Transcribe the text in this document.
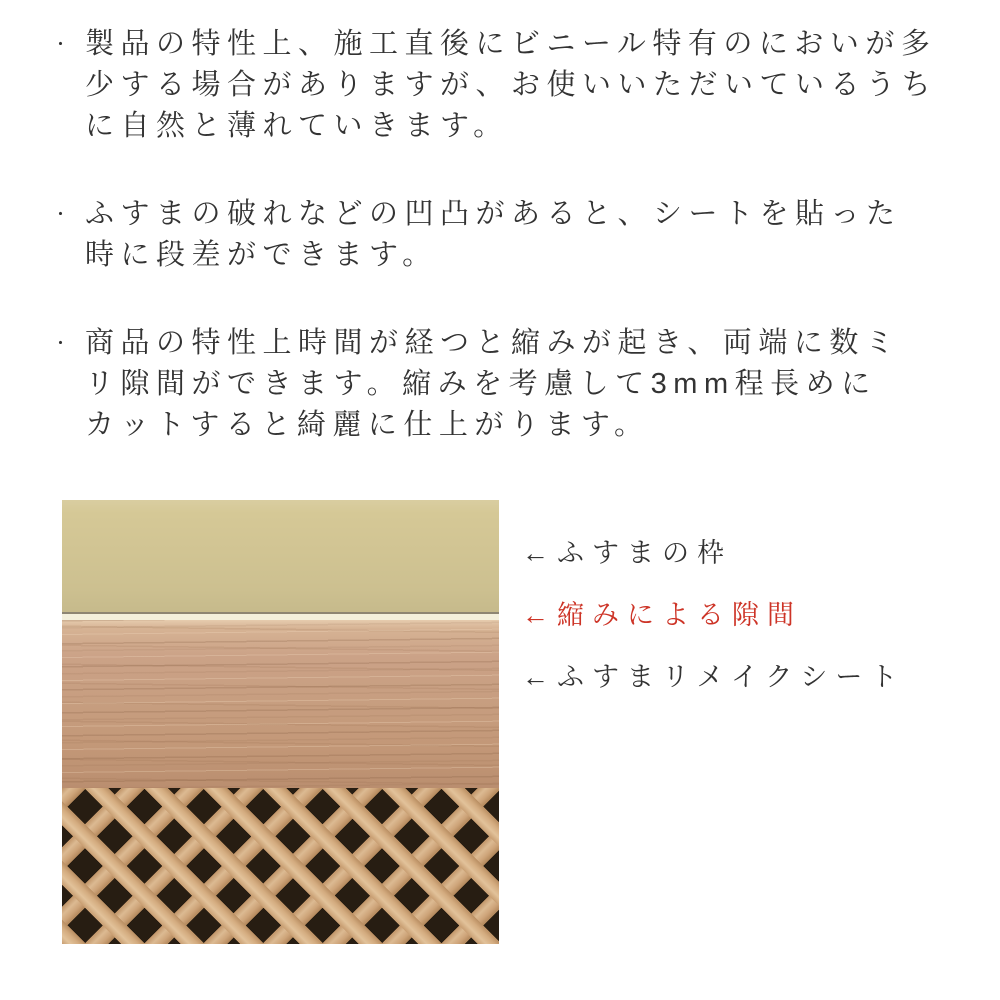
・ 製品の特性上、施工直後にビニール特有のにおいが多
少する場合がありますが、お使いいただいているうち
に自然と薄れていきます。
・ ふすまの破れなどの凹凸があると、シートを貼った
時に段差ができます。
・ 商品の特性上時間が経つと縮みが起き、両端に数ミ
リ隙間ができます。縮みを考慮して3mm程長めに
カットすると綺麗に仕上がります。
← ふすまの枠
← 縮みによる隙間
← ふすまリメイクシート
